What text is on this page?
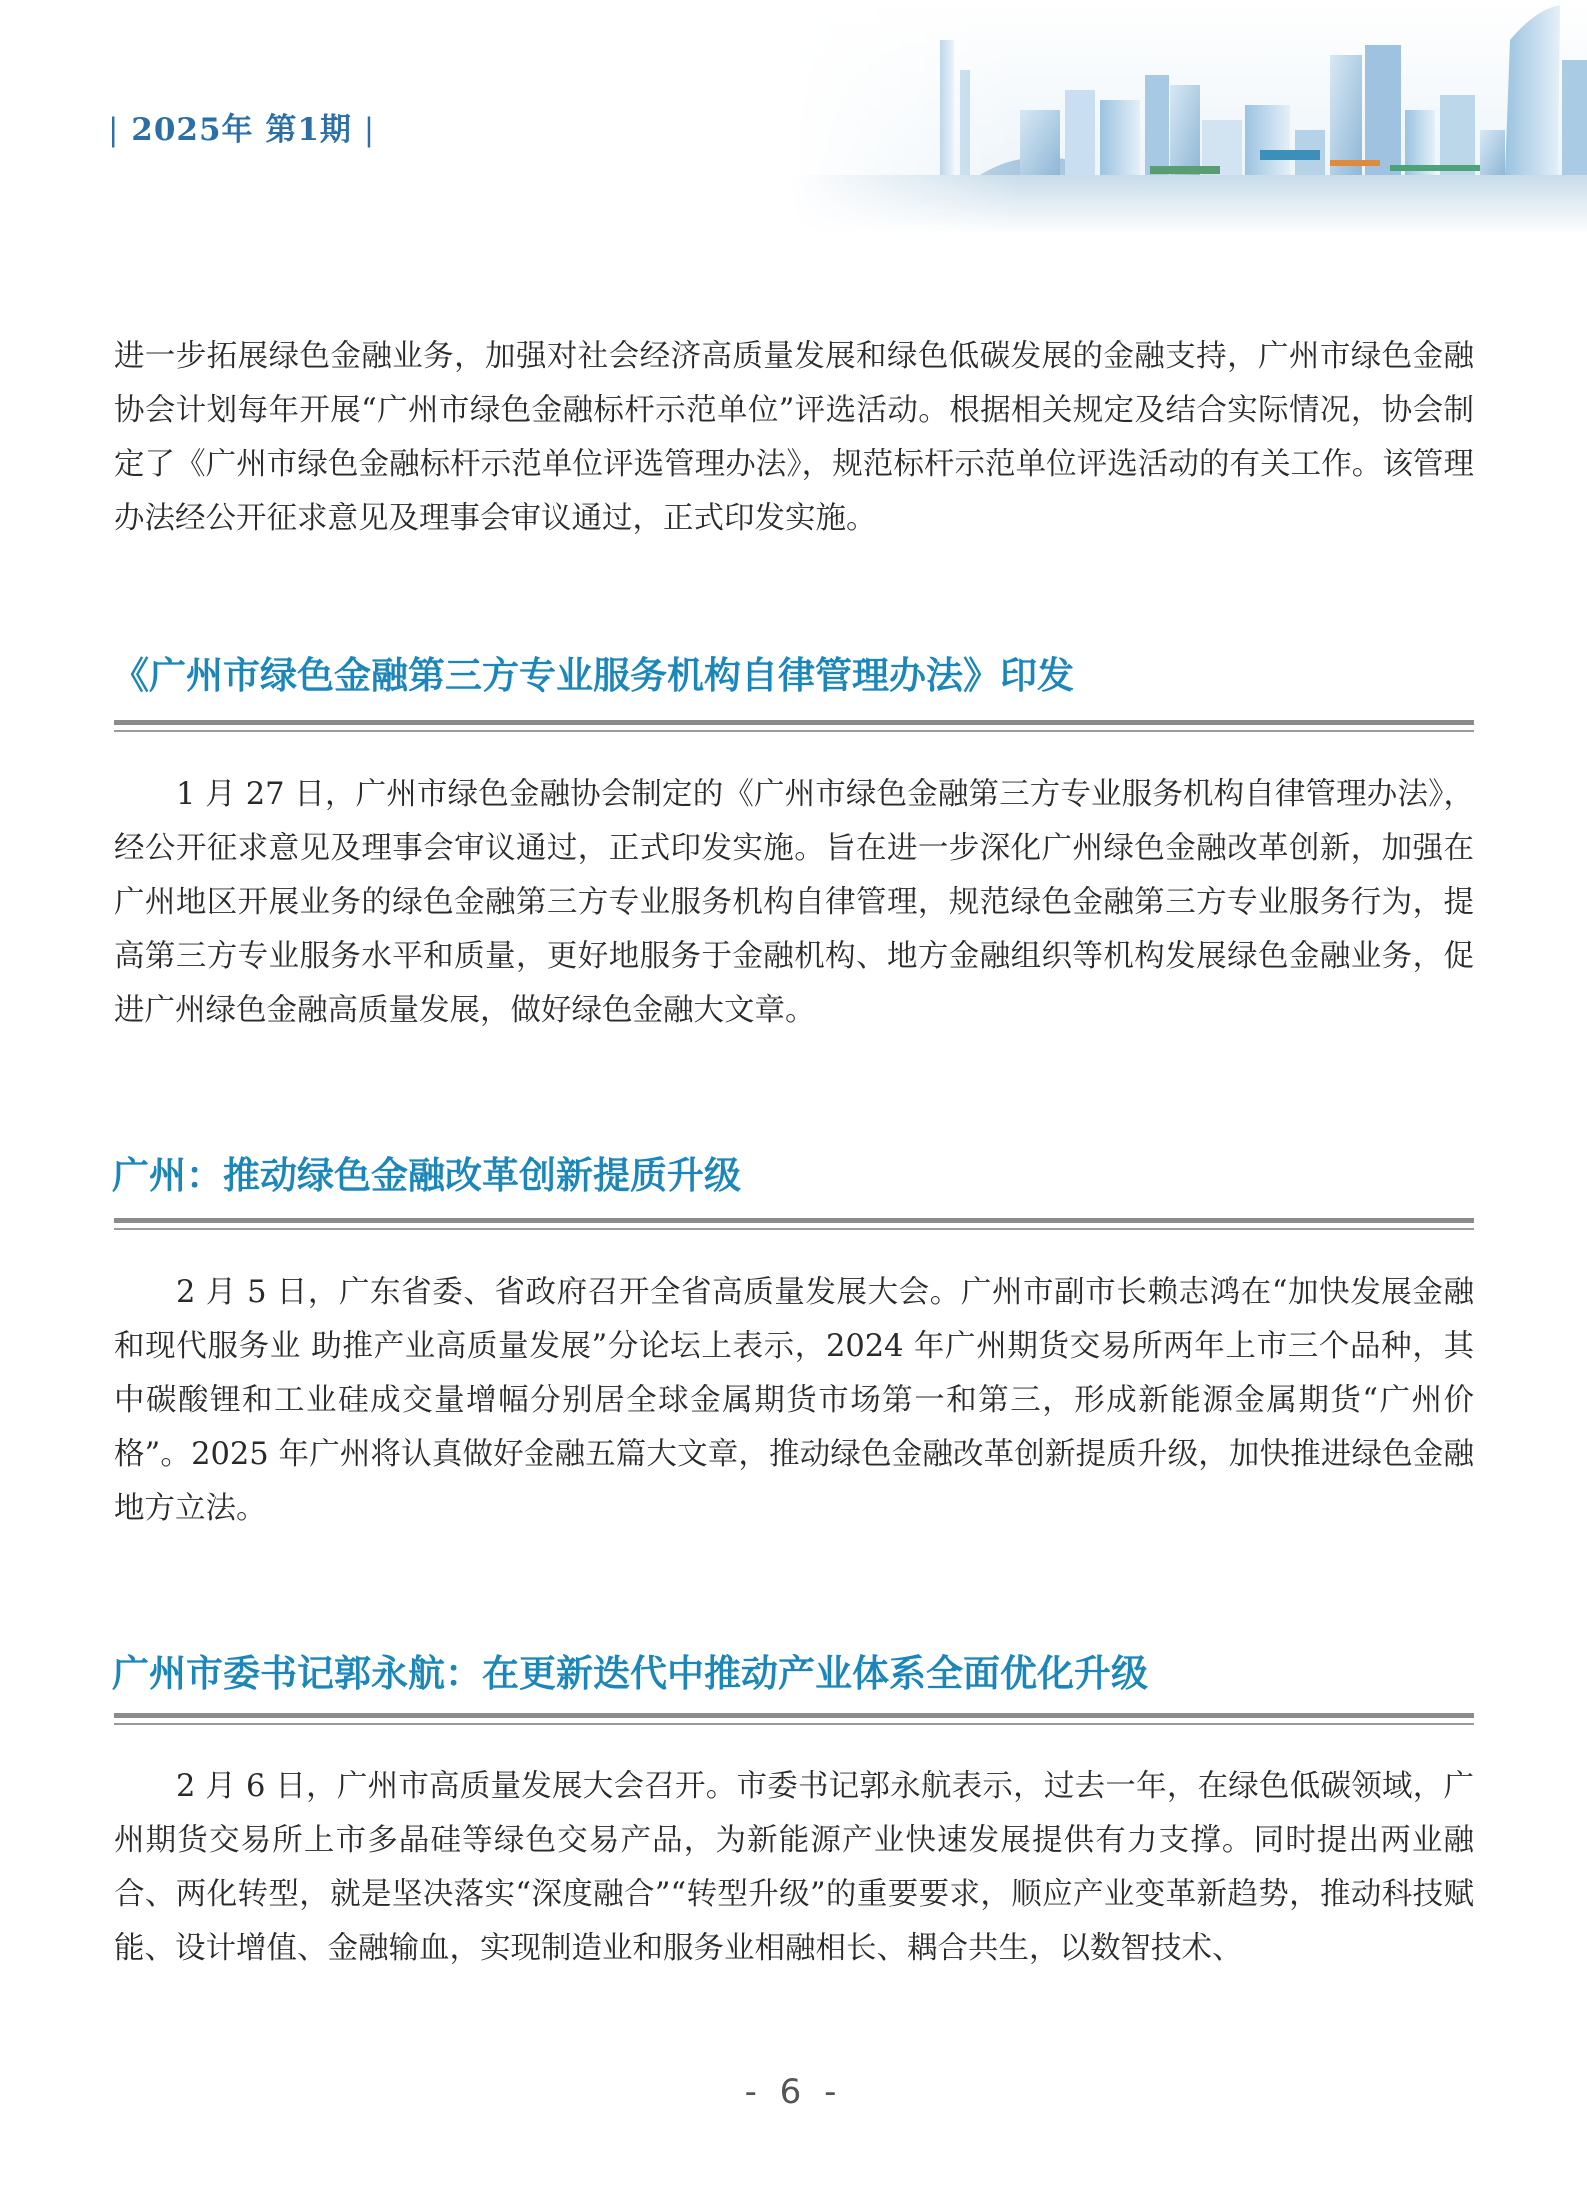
| 2025年 第1期 |

进一步拓展绿色金融业务，加强对社会经济高质量发展和绿色低碳发展的金融支持，广州市绿色金融协会计划每年开展“广州市绿色金融标杆示范单位”评选活动。根据相关规定及结合实际情况，协会制定了《广州市绿色金融标杆示范单位评选管理办法》，规范标杆示范单位评选活动的有关工作。该管理办法经公开征求意见及理事会审议通过，正式印发实施。

《广州市绿色金融第三方专业服务机构自律管理办法》印发

1 月 27 日，广州市绿色金融协会制定的《广州市绿色金融第三方专业服务机构自律管理办法》，经公开征求意见及理事会审议通过，正式印发实施。旨在进一步深化广州绿色金融改革创新，加强在广州地区开展业务的绿色金融第三方专业服务机构自律管理，规范绿色金融第三方专业服务行为，提高第三方专业服务水平和质量，更好地服务于金融机构、地方金融组织等机构发展绿色金融业务，促进广州绿色金融高质量发展，做好绿色金融大文章。

广州：推动绿色金融改革创新提质升级

2 月 5 日，广东省委、省政府召开全省高质量发展大会。广州市副市长赖志鸿在“加快发展金融和现代服务业 助推产业高质量发展”分论坛上表示，2024 年广州期货交易所两年上市三个品种，其中碳酸锂和工业硅成交量增幅分别居全球金属期货市场第一和第三，形成新能源金属期货“广州价格”。2025 年广州将认真做好金融五篇大文章，推动绿色金融改革创新提质升级，加快推进绿色金融地方立法。

广州市委书记郭永航：在更新迭代中推动产业体系全面优化升级

2 月 6 日，广州市高质量发展大会召开。市委书记郭永航表示，过去一年，在绿色低碳领域，广州期货交易所上市多晶硅等绿色交易产品，为新能源产业快速发展提供有力支撑。同时提出两业融合、两化转型，就是坚决落实“深度融合”“转型升级”的重要要求，顺应产业变革新趋势，推动科技赋能、设计增值、金融输血，实现制造业和服务业相融相长、耦合共生，以数智技术、

- 6 -
